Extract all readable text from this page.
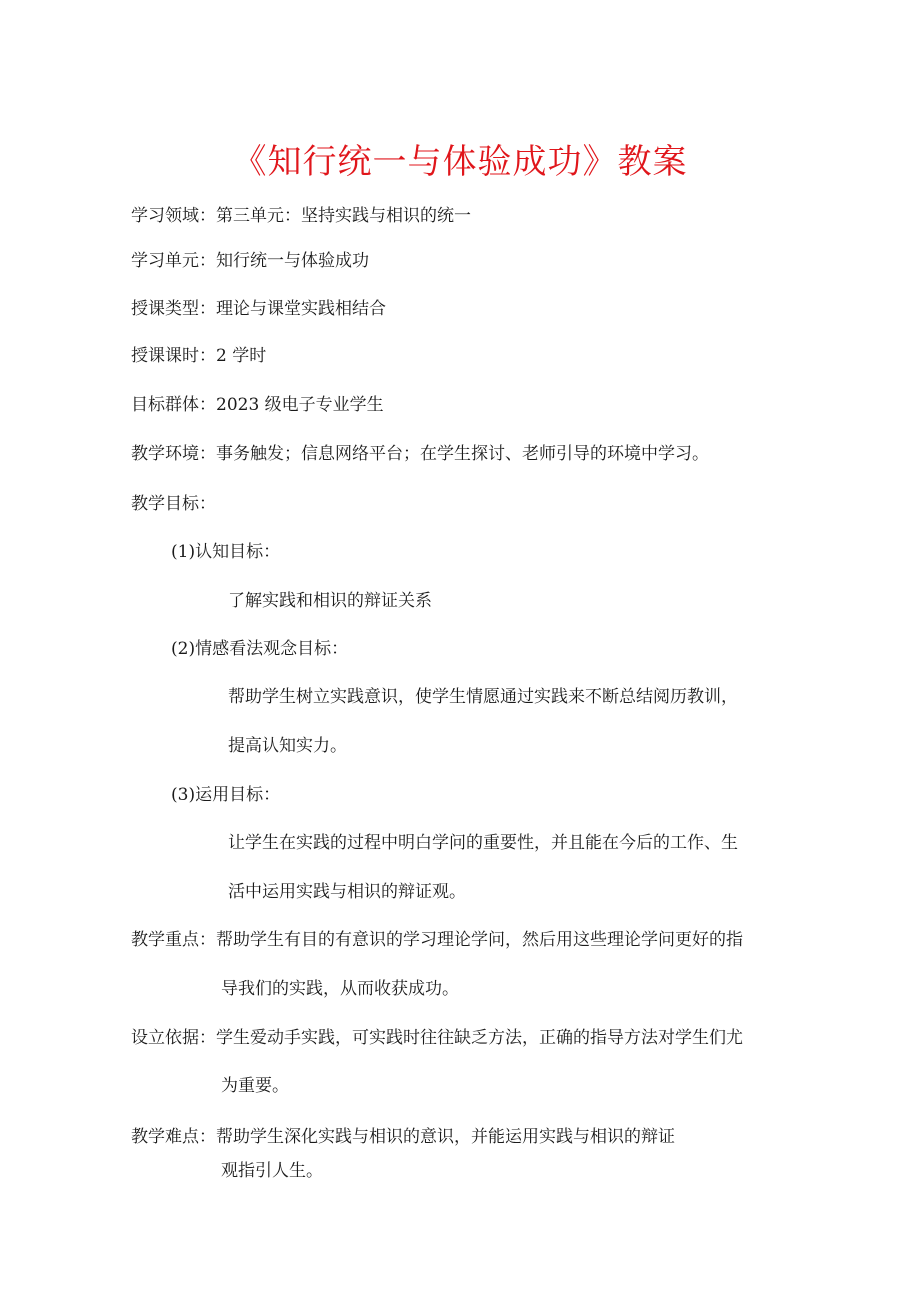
《知行统一与体验成功》教案
学习领域：第三单元：坚持实践与相识的统一
学习单元：知行统一与体验成功
授课类型：理论与课堂实践相结合
授课课时：2 学时
目标群体：2023 级电子专业学生
教学环境：事务触发；信息网络平台；在学生探讨、老师引导的环境中学习。
教学目标：
(1)认知目标：
了解实践和相识的辩证关系
(2)情感看法观念目标：
帮助学生树立实践意识，使学生情愿通过实践来不断总结阅历教训，
提高认知实力。
(3)运用目标：
让学生在实践的过程中明白学问的重要性，并且能在今后的工作、生
活中运用实践与相识的辩证观。
教学重点：帮助学生有目的有意识的学习理论学问，然后用这些理论学问更好的指
导我们的实践，从而收获成功。
设立依据：学生爱动手实践，可实践时往往缺乏方法，正确的指导方法对学生们尤
为重要。
教学难点：帮助学生深化实践与相识的意识，并能运用实践与相识的辩证
观指引人生。
